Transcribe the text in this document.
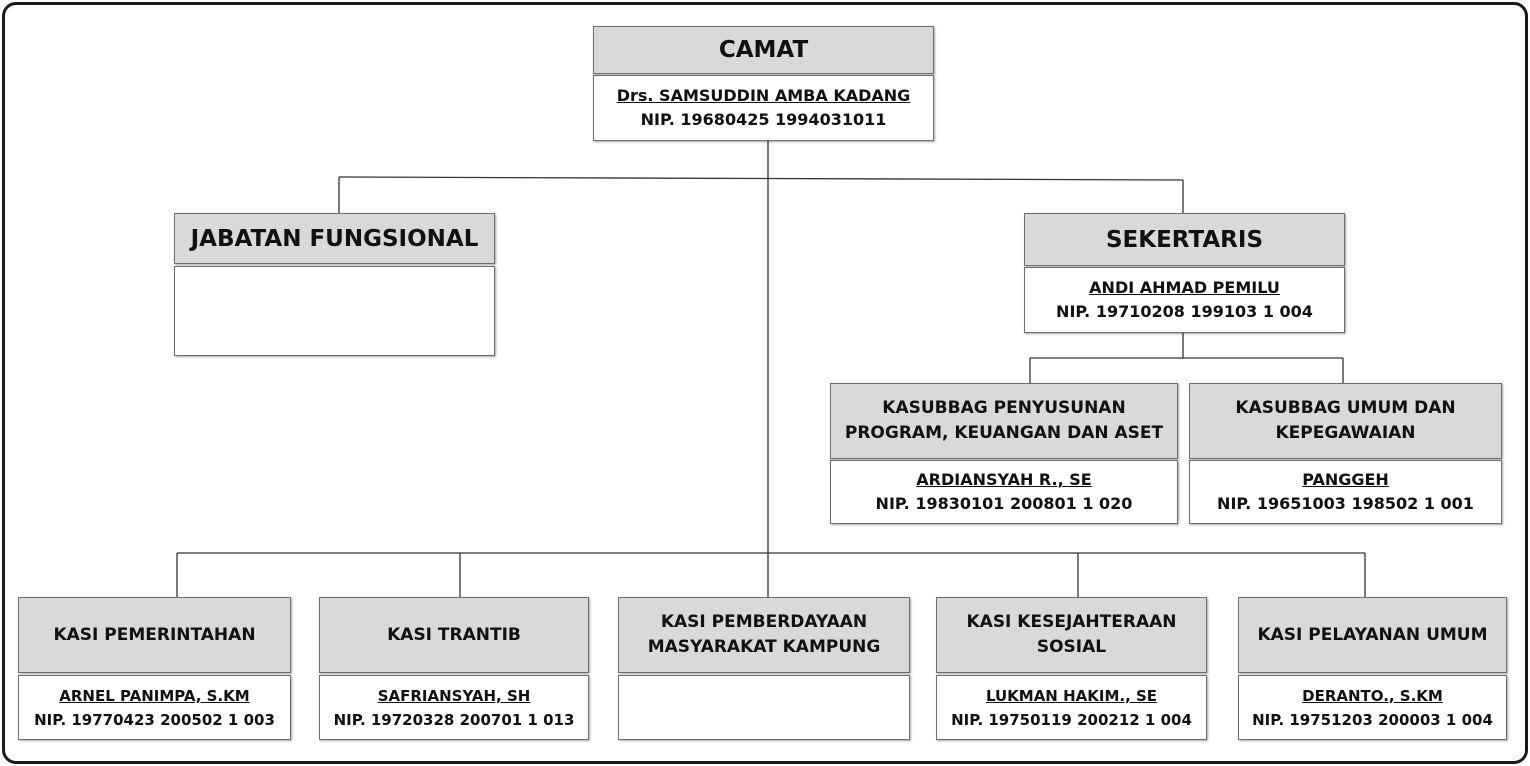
CAMAT
Drs. SAMSUDDIN AMBA KADANG
NIP. 19680425 1994031011
JABATAN FUNGSIONAL	SEKERTARIS
ANDI AHMAD PEMILU
NIP. 19710208 199103 1 004
KASUBBAG PENYUSUNAN PROGRAM, KEUANGAN DAN ASET
ARDIANSYAH R., SE
NIP. 19830101 200801 1 020
KASUBBAG UMUM DAN KEPEGAWAIAN
PANGGEH
NIP. 19651003 198502 1 001
KASI PEMERINTAHAN
ARNEL PANIMPA, S.KM
NIP. 19770423 200502 1 003
KASI TRANTIB
SAFRIANSYAH, SH
NIP. 19720328 200701 1 013
KASI PEMBERDAYAAN MASYARAKAT KAMPUNG
KASI KESEJAHTERAAN SOSIAL
LUKMAN HAKIM., SE
NIP. 19750119 200212 1 004
KASI PELAYANAN UMUM
DERANTO., S.KM
NIP. 19751203 200003 1 004
